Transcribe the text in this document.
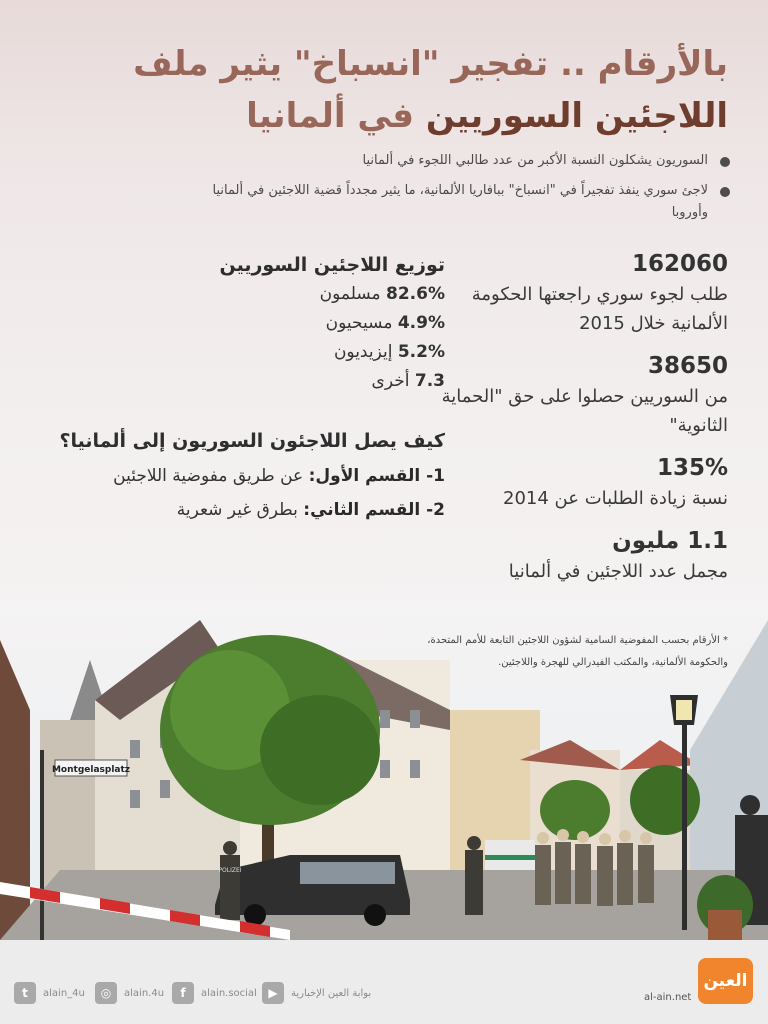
بالأرقام .. تفجير "انسباخ" يثير ملف
اللاجئين السوريين في ألمانيا
السوريون يشكلون النسبة الأكبر من عدد طالبي اللجوء في ألمانيا
لاجئ سوري ينفذ تفجيراً في "انسباخ" ببافاريا الألمانية، ما يثير مجدداً قضية اللاجئين في ألمانيا وأوروبا
162060
طلب لجوء سوري راجعتها الحكومة الألمانية خلال 2015
38650
من السوريين حصلوا على حق "الحماية الثانوية"
135%
نسبة زيادة الطلبات عن 2014
1.1 مليون
مجمل عدد اللاجئين في ألمانيا
توزيع اللاجئين السوريين
82.6% مسلمون
4.9% مسيحيون
5.2% إيزيديون
7.3 أخرى
كيف يصل اللاجئون السوريون إلى ألمانيا؟
1- القسم الأول: عن طريق مفوضية اللاجئين
2- القسم الثاني: بطرق غير شعرية
Montgelasplatz
POLIZEI
* الأرقام بحسب المفوضية السامية لشؤون اللاجئين التابعة للأمم المتحدة، والحكومة الألمانية، والمكتب الفيدرالي للهجرة واللاجئين.
t	alain_4u	◎	alain.4u	f	alain.social ▶	بوابة العين الإخبارية	al-ain.net
العين
